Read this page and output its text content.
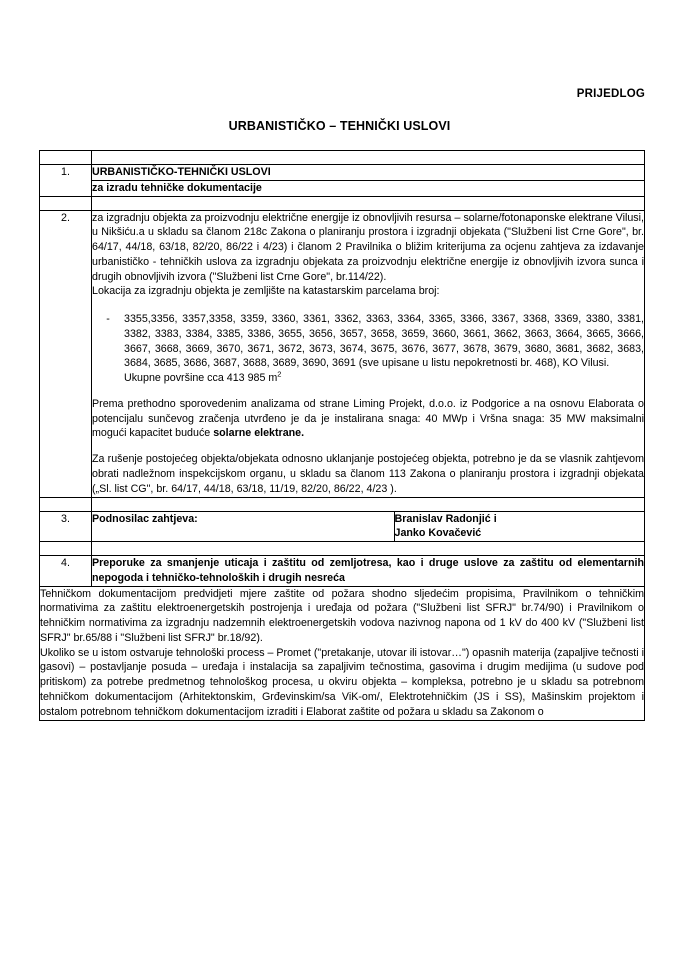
PRIJEDLOG
URBANISTIČKO – TEHNIČKI USLOVI

1.	URBANISTIČKO-TEHNIČKI USLOVI
za izradu tehničke dokumentacije

2.	za izgradnju objekta za proizvodnju električne energije iz obnovljivih resursa – solarne/fotonaponske elektrane Vilusi, u Nikšiću.a u skladu sa članom 218c Zakona o planiranju prostora i izgradnji objekata ("Službeni list Crne Gore", br. 64/17, 44/18, 63/18, 82/20, 86/22 i 4/23) i članom 2 Pravilnika o bližim kriterijuma za ocjenu zahtjeva za izdavanje urbanističko - tehničkih uslova za izgradnju objekata za proizvodnju električne energije iz obnovljivih izvora sunca i drugih obnovljivih izvora ("Službeni list Crne Gore", br.114/22).

Lokacija za izgradnju objekta je zemljište na katastarskim parcelama broj:

-	3355,3356, 3357,3358, 3359, 3360, 3361, 3362, 3363, 3364, 3365, 3366, 3367, 3368, 3369, 3380, 3381, 3382, 3383, 3384, 3385, 3386, 3655, 3656, 3657, 3658, 3659, 3660, 3661, 3662, 3663, 3664, 3665, 3666, 3667, 3668, 3669, 3670, 3671, 3672, 3673, 3674, 3675, 3676, 3677, 3678, 3679, 3680, 3681, 3682, 3683, 3684, 3685, 3686, 3687, 3688, 3689, 3690, 3691 (sve upisane u listu nepokretnosti br. 468), KO Vilusi.
Ukupne površine cca 413 985 $m^2$

Prema prethodno sporovedenim analizama od strane Liming Projekt, d.o.o. iz Podgorice a na osnovu Elaborata o potencijalu sunčevog zračenja utvrđeno je da je instalirana snaga: 40 MWp i Vršna snaga: 35 MW maksimalni mogući kapacitet buduće solarne elektrane.

Za rušenje postojećeg objekta/objekata odnosno uklanjanje postojećeg objekta, potrebno je da se vlasnik zahtjevom obrati nadležnom inspekcijskom organu, u skladu sa članom 113 Zakona o planiranju prostora i izgradnji objekata („Sl. list CG", br. 64/17, 44/18, 63/18, 11/19, 82/20, 86/22, 4/23 ).

3.	Podnosilac zahtjeva:	Branislav Radonjić i
Janko Kovačević

4.	Preporuke za smanjenje uticaja i zaštitu od zemljotresa, kao i druge uslove za zaštitu od elementarnih nepogoda i tehničko-tehnoloških i drugih nesreća

Tehničkom dokumentacijom predvidjeti mjere zaštite od požara shodno sljedećim propisima, Pravilnikom o tehničkim normativima za zaštitu elektroenergetskih postrojenja i uređaja od požara ("Službeni list SFRJ" br.74/90) i Pravilnikom o tehničkim normativima za izgradnju nadzemnih elektroenergetskih vodova nazivnog napona od 1 kV do 400 kV ("Službeni list SFRJ" br.65/88 i "Službeni list SFRJ" br.18/92).

Ukoliko se u istom ostvaruje tehnološki process – Promet ("pretakanje, utovar ili istovar…") opasnih materija (zapaljive tečnosti i gasovi) – postavljanje posuda – uređaja i instalacija sa zapaljivim tečnostima, gasovima i drugim medijima (u sudove pod pritiskom) za potrebe predmetnog tehnološkog procesa, u okviru objekta – kompleksa, potrebno je u skladu sa potrebnom tehničkom dokumentacijom (Arhitektonskim, Grđevinskim/sa ViK-om/, Elektrotehničkim (JS i SS), Mašinskim projektom i ostalom potrebnom tehničkom dokumentacijom izraditi i Elaborat zaštite od požara u skladu sa Zakonom o
